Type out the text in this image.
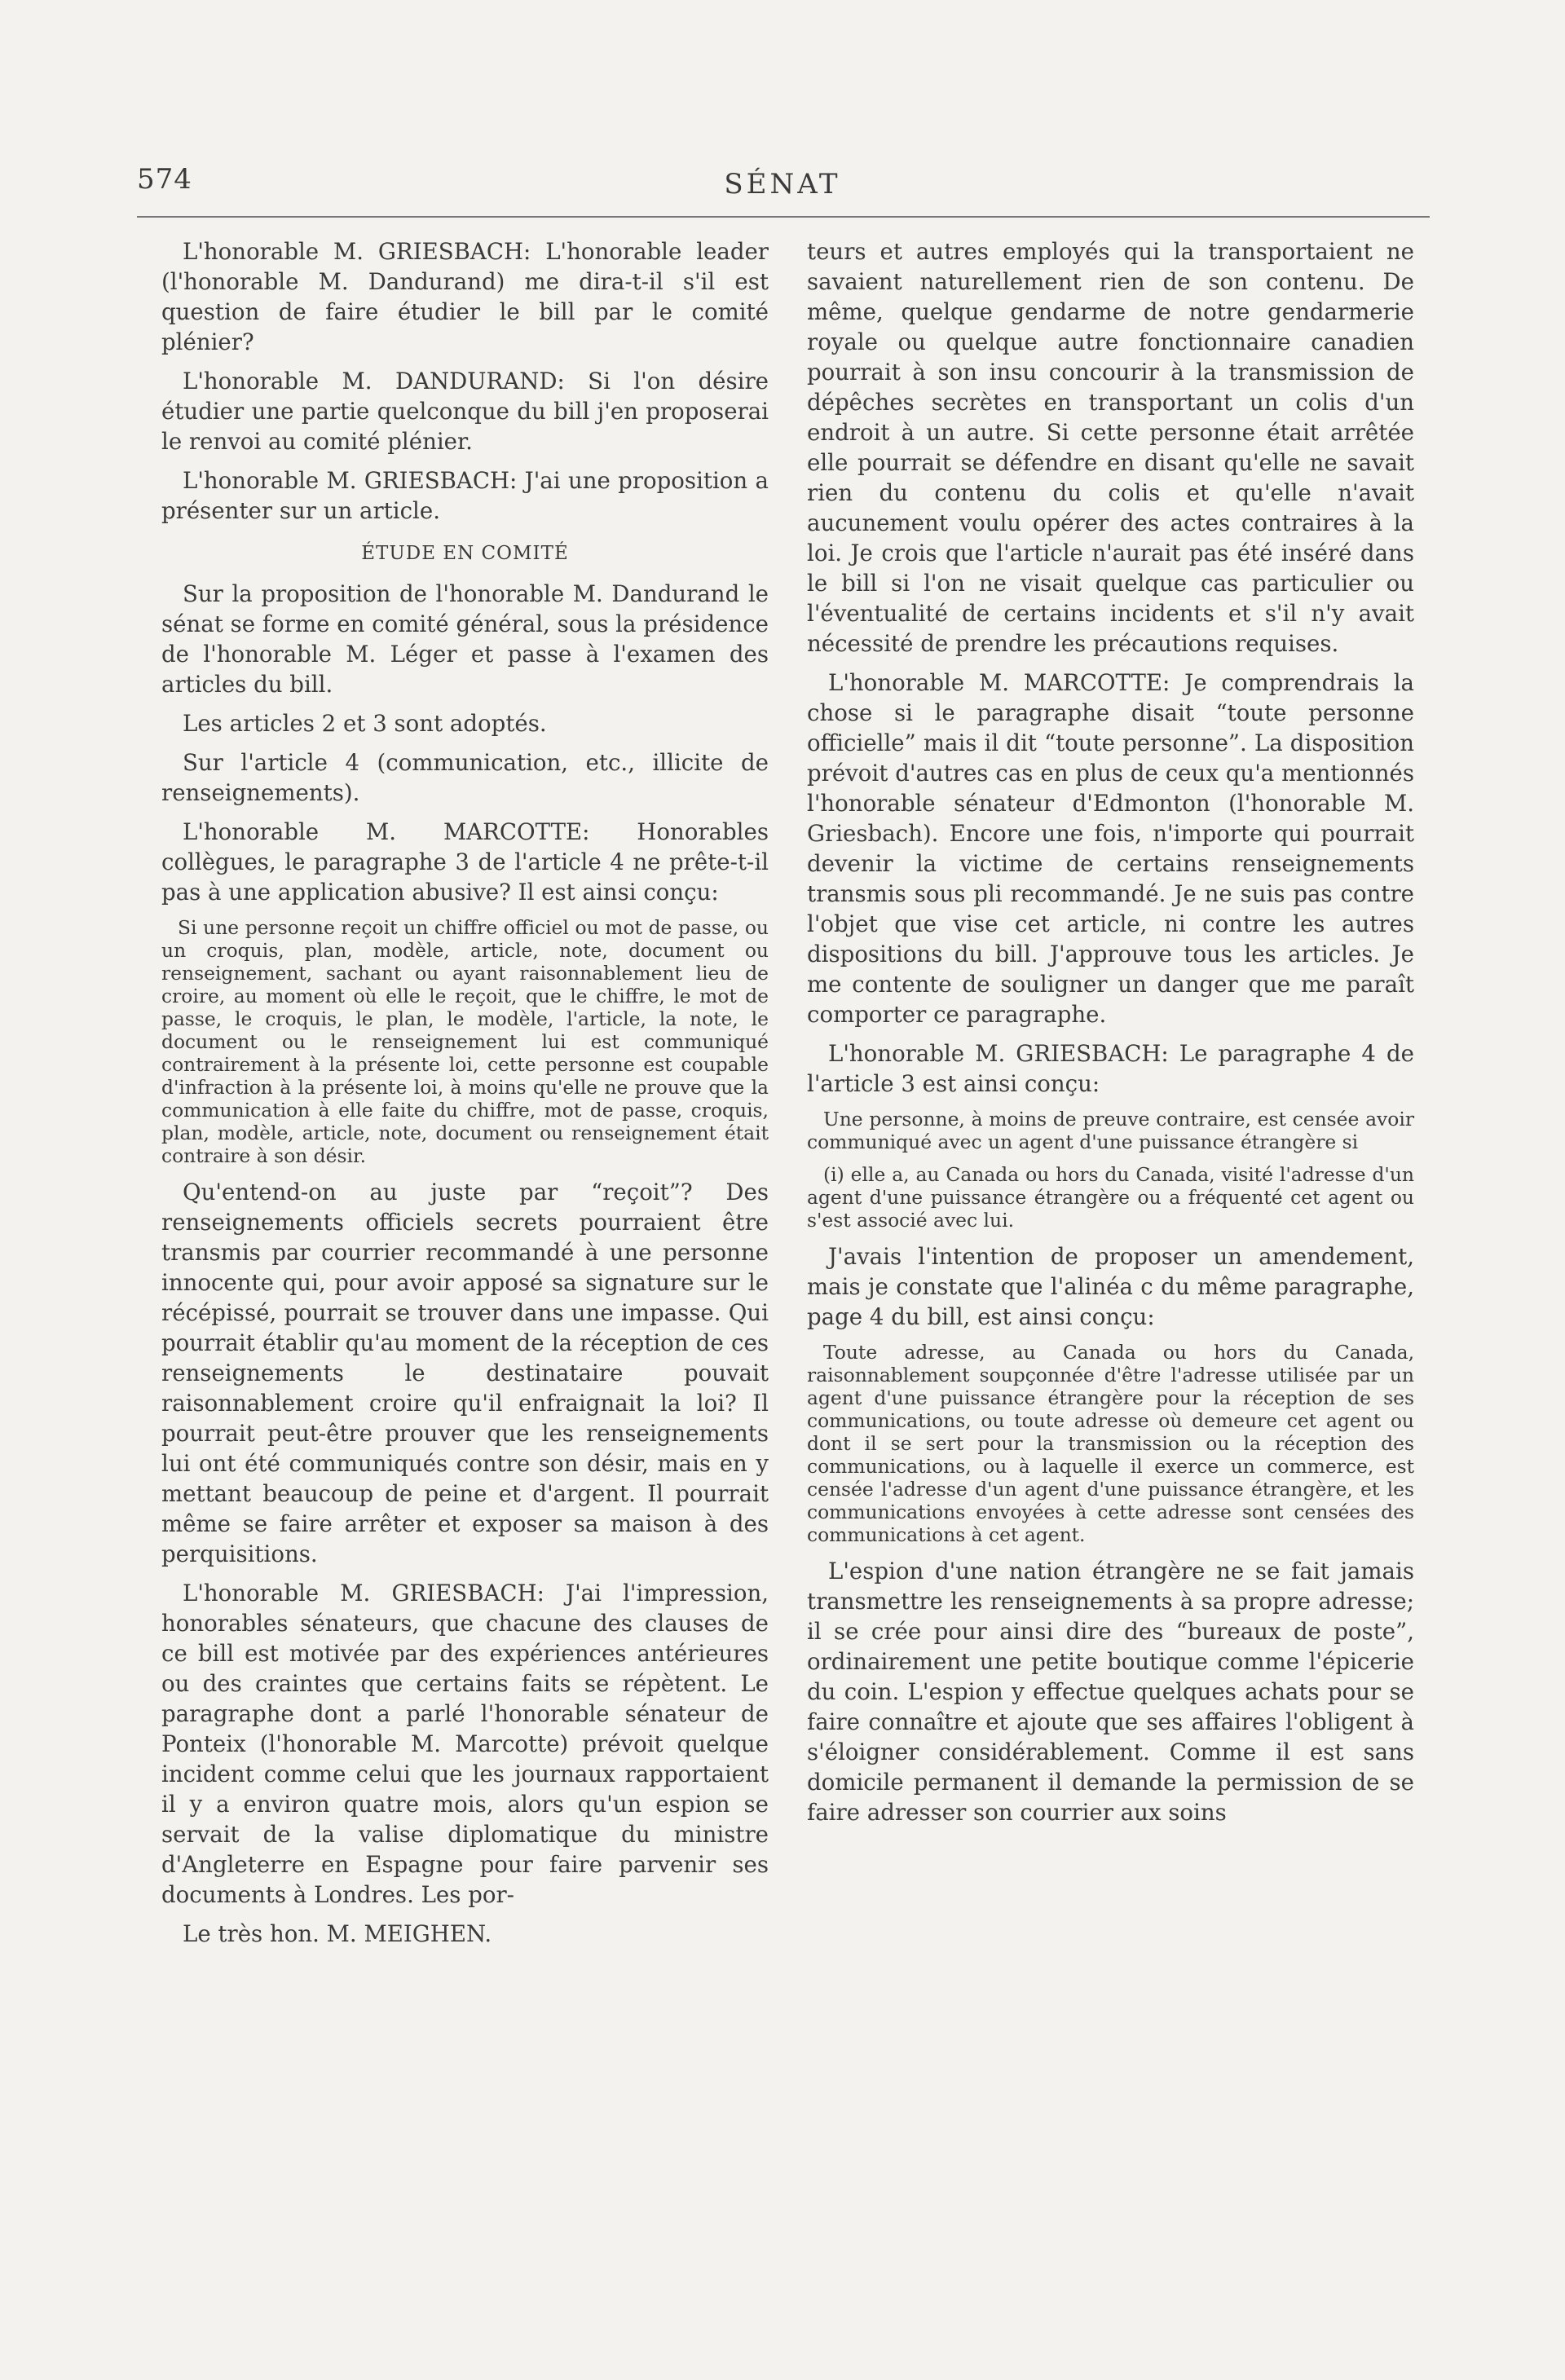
574	SÉNAT

L'honorable M. GRIESBACH: L'honorable leader (l'honorable M. Dandurand) me dira-t-il s'il est question de faire étudier le bill par le comité plénier?

L'honorable M. DANDURAND: Si l'on désire étudier une partie quelconque du bill j'en proposerai le renvoi au comité plénier.

L'honorable M. GRIESBACH: J'ai une proposition a présenter sur un article.

ÉTUDE EN COMITÉ

Sur la proposition de l'honorable M. Dandurand le sénat se forme en comité général, sous la présidence de l'honorable M. Léger et passe à l'examen des articles du bill.

Les articles 2 et 3 sont adoptés.

Sur l'article 4 (communication, etc., illicite de renseignements).

L'honorable M. MARCOTTE: Honorables collègues, le paragraphe 3 de l'article 4 ne prête-t-il pas à une application abusive? Il est ainsi conçu:

Si une personne reçoit un chiffre officiel ou mot de passe, ou un croquis, plan, modèle, article, note, document ou renseignement, sachant ou ayant raisonnablement lieu de croire, au moment où elle le reçoit, que le chiffre, le mot de passe, le croquis, le plan, le modèle, l'article, la note, le document ou le renseignement lui est communiqué contrairement à la présente loi, cette personne est coupable d'infraction à la présente loi, à moins qu'elle ne prouve que la communication à elle faite du chiffre, mot de passe, croquis, plan, modèle, article, note, document ou renseignement était contraire à son désir.

Qu'entend-on au juste par “reçoit”? Des renseignements officiels secrets pourraient être transmis par courrier recommandé à une personne innocente qui, pour avoir apposé sa signature sur le récépissé, pourrait se trouver dans une impasse. Qui pourrait établir qu'au moment de la réception de ces renseignements le destinataire pouvait raisonnablement croire qu'il enfraignait la loi? Il pourrait peut-être prouver que les renseignements lui ont été communiqués contre son désir, mais en y mettant beaucoup de peine et d'argent. Il pourrait même se faire arrêter et exposer sa maison à des perquisitions.

L'honorable M. GRIESBACH: J'ai l'impression, honorables sénateurs, que chacune des clauses de ce bill est motivée par des expériences antérieures ou des craintes que certains faits se répètent. Le paragraphe dont a parlé l'honorable sénateur de Ponteix (l'honorable M. Marcotte) prévoit quelque incident comme celui que les journaux rapportaient il y a environ quatre mois, alors qu'un espion se servait de la valise diplomatique du ministre d'Angleterre en Espagne pour faire parvenir ses documents à Londres. Les por-

Le très hon. M. MEIGHEN.

teurs et autres employés qui la transportaient ne savaient naturellement rien de son contenu. De même, quelque gendarme de notre gendarmerie royale ou quelque autre fonctionnaire canadien pourrait à son insu concourir à la transmission de dépêches secrètes en transportant un colis d'un endroit à un autre. Si cette personne était arrêtée elle pourrait se défendre en disant qu'elle ne savait rien du contenu du colis et qu'elle n'avait aucunement voulu opérer des actes contraires à la loi. Je crois que l'article n'aurait pas été inséré dans le bill si l'on ne visait quelque cas particulier ou l'éventualité de certains incidents et s'il n'y avait nécessité de prendre les précautions requises.

L'honorable M. MARCOTTE: Je comprendrais la chose si le paragraphe disait “toute personne officielle” mais il dit “toute personne”. La disposition prévoit d'autres cas en plus de ceux qu'a mentionnés l'honorable sénateur d'Edmonton (l'honorable M. Griesbach). Encore une fois, n'importe qui pourrait devenir la victime de certains renseignements transmis sous pli recommandé. Je ne suis pas contre l'objet que vise cet article, ni contre les autres dispositions du bill. J'approuve tous les articles. Je me contente de souligner un danger que me paraît comporter ce paragraphe.

L'honorable M. GRIESBACH: Le paragraphe 4 de l'article 3 est ainsi conçu:

Une personne, à moins de preuve contraire, est censée avoir communiqué avec un agent d'une puissance étrangère si
(i) elle a, au Canada ou hors du Canada, visité l'adresse d'un agent d'une puissance étrangère ou a fréquenté cet agent ou s'est associé avec lui.

J'avais l'intention de proposer un amendement, mais je constate que l'alinéa c du même paragraphe, page 4 du bill, est ainsi conçu:

Toute adresse, au Canada ou hors du Canada, raisonnablement soupçonnée d'être l'adresse utilisée par un agent d'une puissance étrangère pour la réception de ses communications, ou toute adresse où demeure cet agent ou dont il se sert pour la transmission ou la réception des communications, ou à laquelle il exerce un commerce, est censée l'adresse d'un agent d'une puissance étrangère, et les communications envoyées à cette adresse sont censées des communications à cet agent.

L'espion d'une nation étrangère ne se fait jamais transmettre les renseignements à sa propre adresse; il se crée pour ainsi dire des “bureaux de poste”, ordinairement une petite boutique comme l'épicerie du coin. L'espion y effectue quelques achats pour se faire connaître et ajoute que ses affaires l'obligent à s'éloigner considérablement. Comme il est sans domicile permanent il demande la permission de se faire adresser son courrier aux soins
